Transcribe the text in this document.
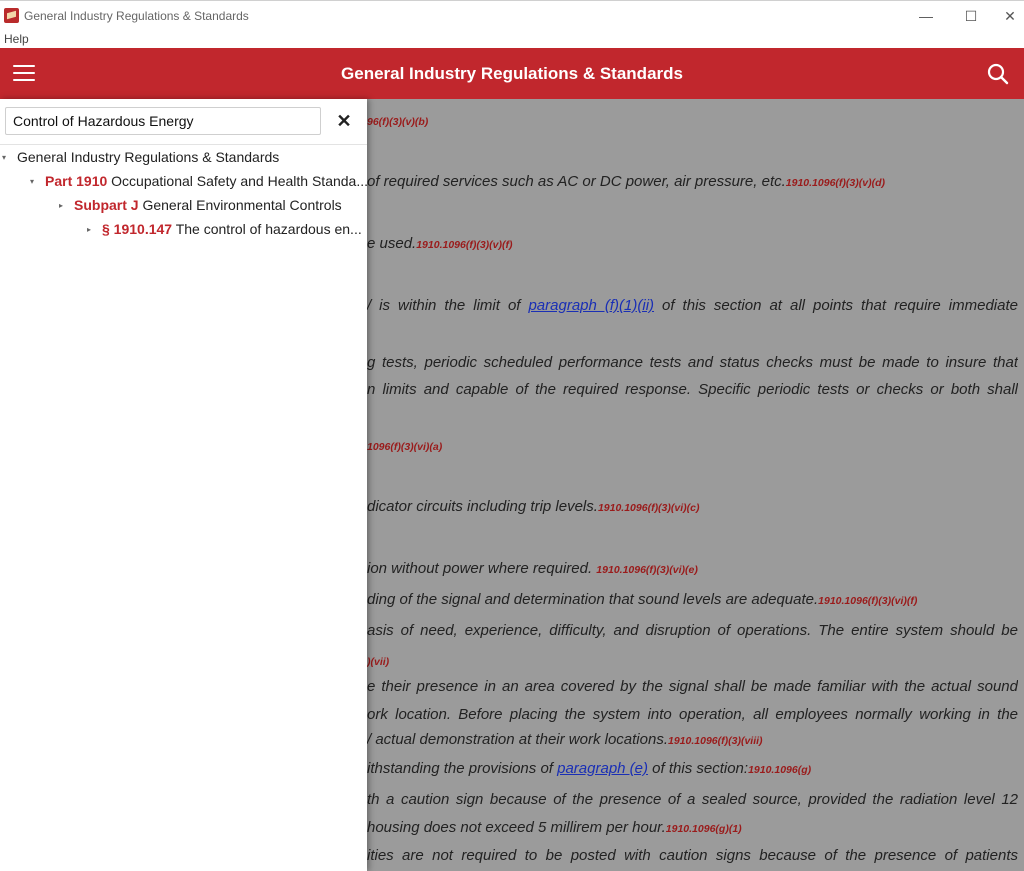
General Industry Regulations & Standards	—	☐	✕
Help
General Industry Regulations & Standards
96(f)(3)(v)(b)
of required services such as AC or DC power, air pressure, etc.1910.1096(f)(3)(v)(d)
e used.1910.1096(f)(3)(v)(f)
/ is within the limit of paragraph (f)(1)(ii) of this section at all points that require immediate
g tests, periodic scheduled performance tests and status checks must be made to insure that
n limits and capable of the required response. Specific periodic tests or checks or both shall
1096(f)(3)(vi)(a)
dicator circuits including trip levels.1910.1096(f)(3)(vi)(c)
ion without power where required. 1910.1096(f)(3)(vi)(e)
ding of the signal and determination that sound levels are adequate.1910.1096(f)(3)(vi)(f)
asis of need, experience, difficulty, and disruption of operations. The entire system should be
)(vii)
e their presence in an area covered by the signal shall be made familiar with the actual sound
ork location. Before placing the system into operation, all employees normally working in the
/ actual demonstration at their work locations.1910.1096(f)(3)(viii)
ithstanding the provisions of paragraph (e) of this section:1910.1096(g)
th a caution sign because of the presence of a sealed source, provided the radiation level 12
housing does not exceed 5 millirem per hour.1910.1096(g)(1)
ities are not required to be posted with caution signs because of the presence of patients
Control of Hazardous Energy
✕
▾ General Industry Regulations & Standards
▾ Part 1910 Occupational Safety and Health Standa...
▸ Subpart J General Environmental Controls
▸ § 1910.147 The control of hazardous en...
